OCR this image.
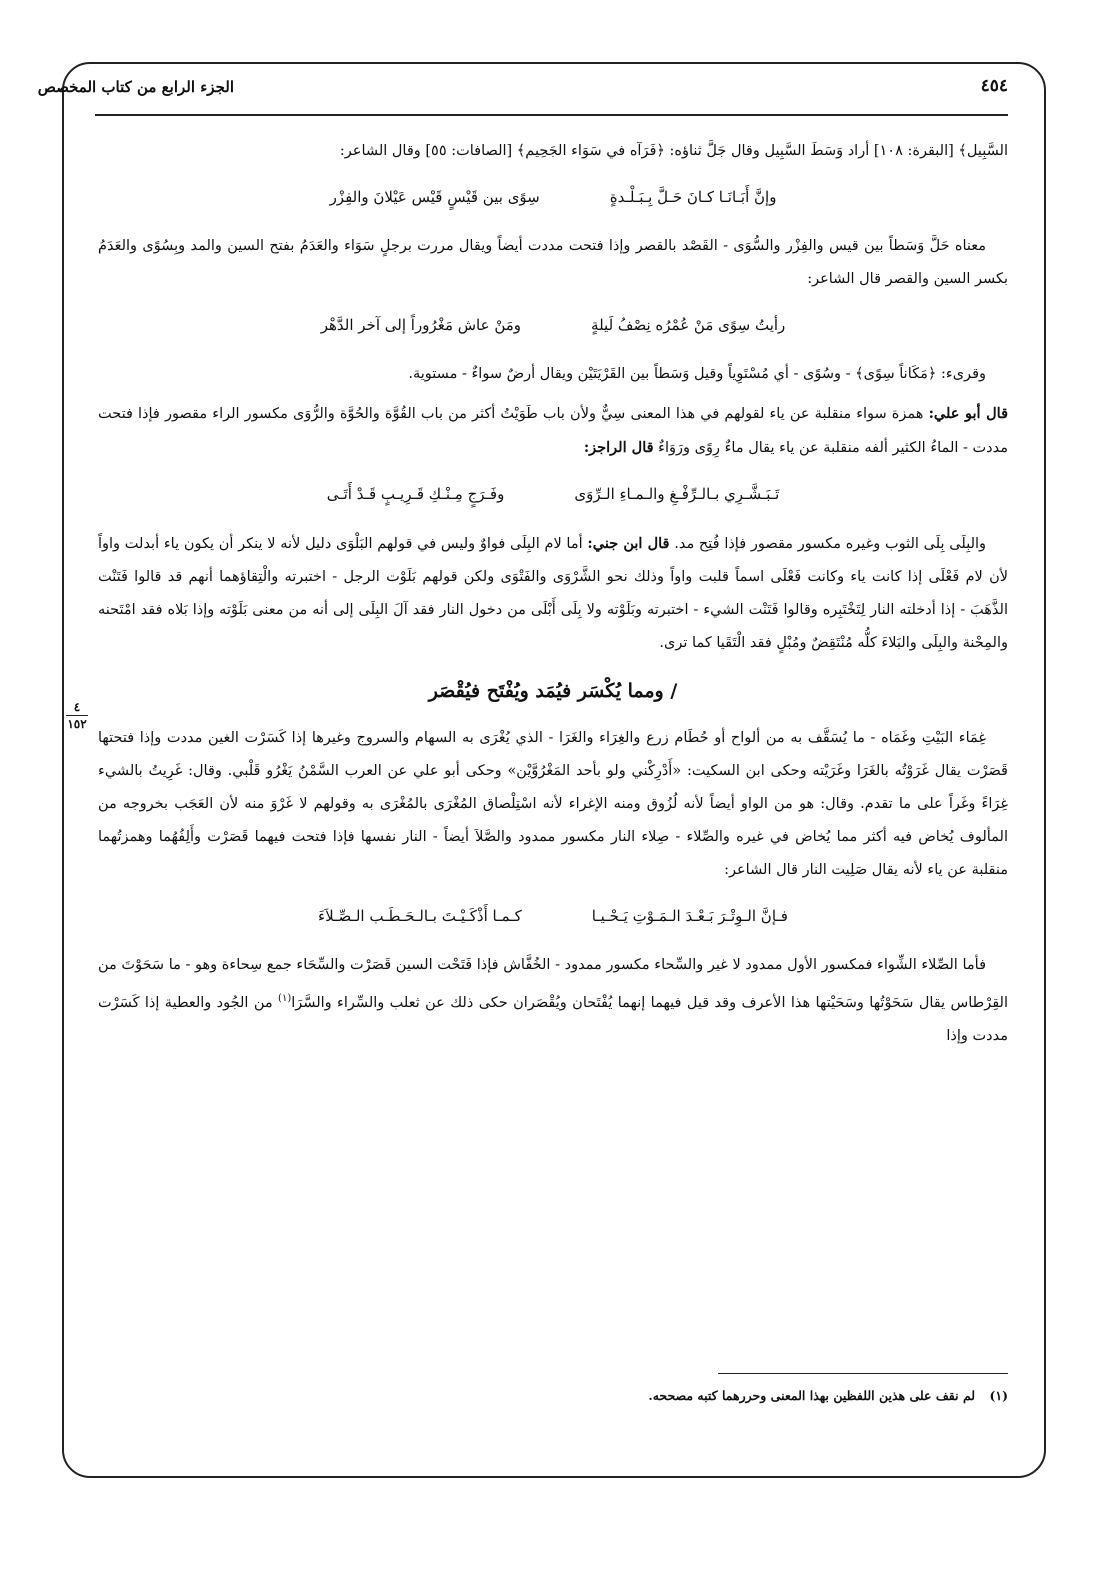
٤٥٤
الجزء الرابع من كتاب المخصص
٤
١٥٢

السَّبِيل﴾ [البقرة: ١٠٨] أراد وَسَطَ السَّبِيل وقال جَلَّ ثناؤه: ﴿فَرَآه في سَوَاء الجَحِيم﴾ [الصافات: ٥٥] وقال الشاعر:

وإنَّ أَبَـانَـا كـانَ حَـلَّ بِـبَـلْـدةٍ
سِوًى بين قَيْسٍ قَيْس عَيْلانَ والفِزْر

معناه حَلَّ وَسَطاً بين قيس والفِزْر والسُّوَى - القَصْد بالقصر وإذا فتحت مددت أيضاً ويقال مررت برجلٍ سَوَاء والعَدَمُ بفتح السين والمد وبِسُوًى والعَدَمُ بكسر السين والقصر قال الشاعر:

رأيتُ سِوًى مَنْ عُمْرُه نِصْفُ لَيلةٍ
ومَنْ عاش مَغْرُوراً إلى آخر الدَّهْر

وقرىء: ﴿مَكَاناً سِوًى﴾ - وسُوًى - أي مُسْتَوِياً وقيل وَسَطاً بين القَرْيَتَيْن ويقال أرضٌ سواءٌ - مستوية.

قال أبو علي: همزة سواء منقلبة عن ياء لقولهم في هذا المعنى سِيٌّ ولأن باب طَوَيْتُ أكثر من باب القُوَّة والحُوَّة والرُّوَى مكسور الراء مقصور فإذا فتحت مددت - الماءُ الكثير ألفه منقلبة عن ياء يقال ماءٌ رِوًى ورَوَاءٌ قال الراجز:

تَـبَـشَّـرِي بـالـرِّفْـغِ والـمـاءِ الـرِّوَى
وفَـرَجٍ مِـنْـكِ قَـرِيـبٍ قَـدْ أَتَـى

والبِلَى بِلَى الثوب وغيره مكسور مقصور فإذا فُتِح مد. قال ابن جني: أما لام البِلَى فواوٌ وليس في قولهم البَلْوَى دليل لأنه لا ينكر أن يكون ياء أبدلت واواً لأن لام فَعْلَى إذا كانت ياء وكانت فَعْلَى اسماً قلبت واواً وذلك نحو الشَّرْوَى والفَتْوَى ولكن قولهم بَلَوْت الرجل - اختبرته والْتِقاؤهما أنهم قد قالوا فَتَنْت الذَّهَبَ - إذا أدخلته النار لِتَخْتَبِره وقالوا فَتَنْت الشيء - اختبرته وبَلَوْته ولا بِلَى أَبْلَى من دخول النار فقد آلَ البِلَى إلى أنه من معنى بَلَوْته وإذا بَلاه فقد امْتَحنه والمِحْنة والبِلَى والبَلاءَ كلُّه مُنْتَقِضٌ ومُبْلٍ فقد الْتَقَيا كما ترى.

/ ومما يُكْسَر فيُمَد ويُفْتَح فيُقْصَر

غِمَاء البَيْتِ وغَمَاه - ما يُسَقَّف به من ألواح أو حُطَام زرع والغِرَاء والغَرَا - الذي يُغْرَى به السهام والسروج وغيرها إذا كَسَرْت الغين مددت وإذا فتحتها قَصَرْت يقال غَرَوْتُه بالغَرَا وغَرَيْته وحكى ابن السكيت: «أَدْرِكْني ولو بأحد المَغْرُوَّيْن» وحكى أبو علي عن العرب السَّمْنُ يَغْرُو قَلْبي. وقال: غَرِيتُ بالشيء غِرَاءً وغَراً على ما تقدم. وقال: هو من الواو أيضاً لأنه لُزُوق ومنه الإغراء لأنه اسْتِلْصاق المُغْرَى بالمُغْرَى به وقولهم لا غَرْوَ منه لأن العَجَب بخروجه من المألوف يُخاض فيه أكثر مما يُخاض في غيره والصِّلاء - صِلاء النار مكسور ممدود والصَّلاَ أيضاً - النار نفسها فإذا فتحت فيهما قَصَرْت وأَلِفُهُما وهمزتُهما منقلبة عن ياء لأنه يقال صَلِيت النار قال الشاعر:

فـإنَّ الـوِتْـرَ بَـعْـدَ الـمَـوْتِ يَـحْـيـا
كـمـا أَذْكَـيْـتَ بـالـحَـطَـب الـصِّـلاَءَ

فأما الصِّلاء الشِّواء فمكسور الأول ممدود لا غير والسِّحاء مكسور ممدود - الخُفَّاش فإذا فَتَحْت السين قَصَرْت والسِّحَاء جمع سِحاءة وهو - ما سَحَوْتَ من القِرْطاس يقال سَحَوْتُها وسَحَيْتها هذا الأعرف وقد قيل فيهما إنهما يُفْتَحان ويُقْصَران حكى ذلك عن ثعلب والسِّراء والسَّرَا$^{(١)}$ من الجُود والعطية إذا كَسَرْت مددت وإذا

(١) لم نقف على هذين اللفظين بهذا المعنى وحررهما كتبه مصححه.
